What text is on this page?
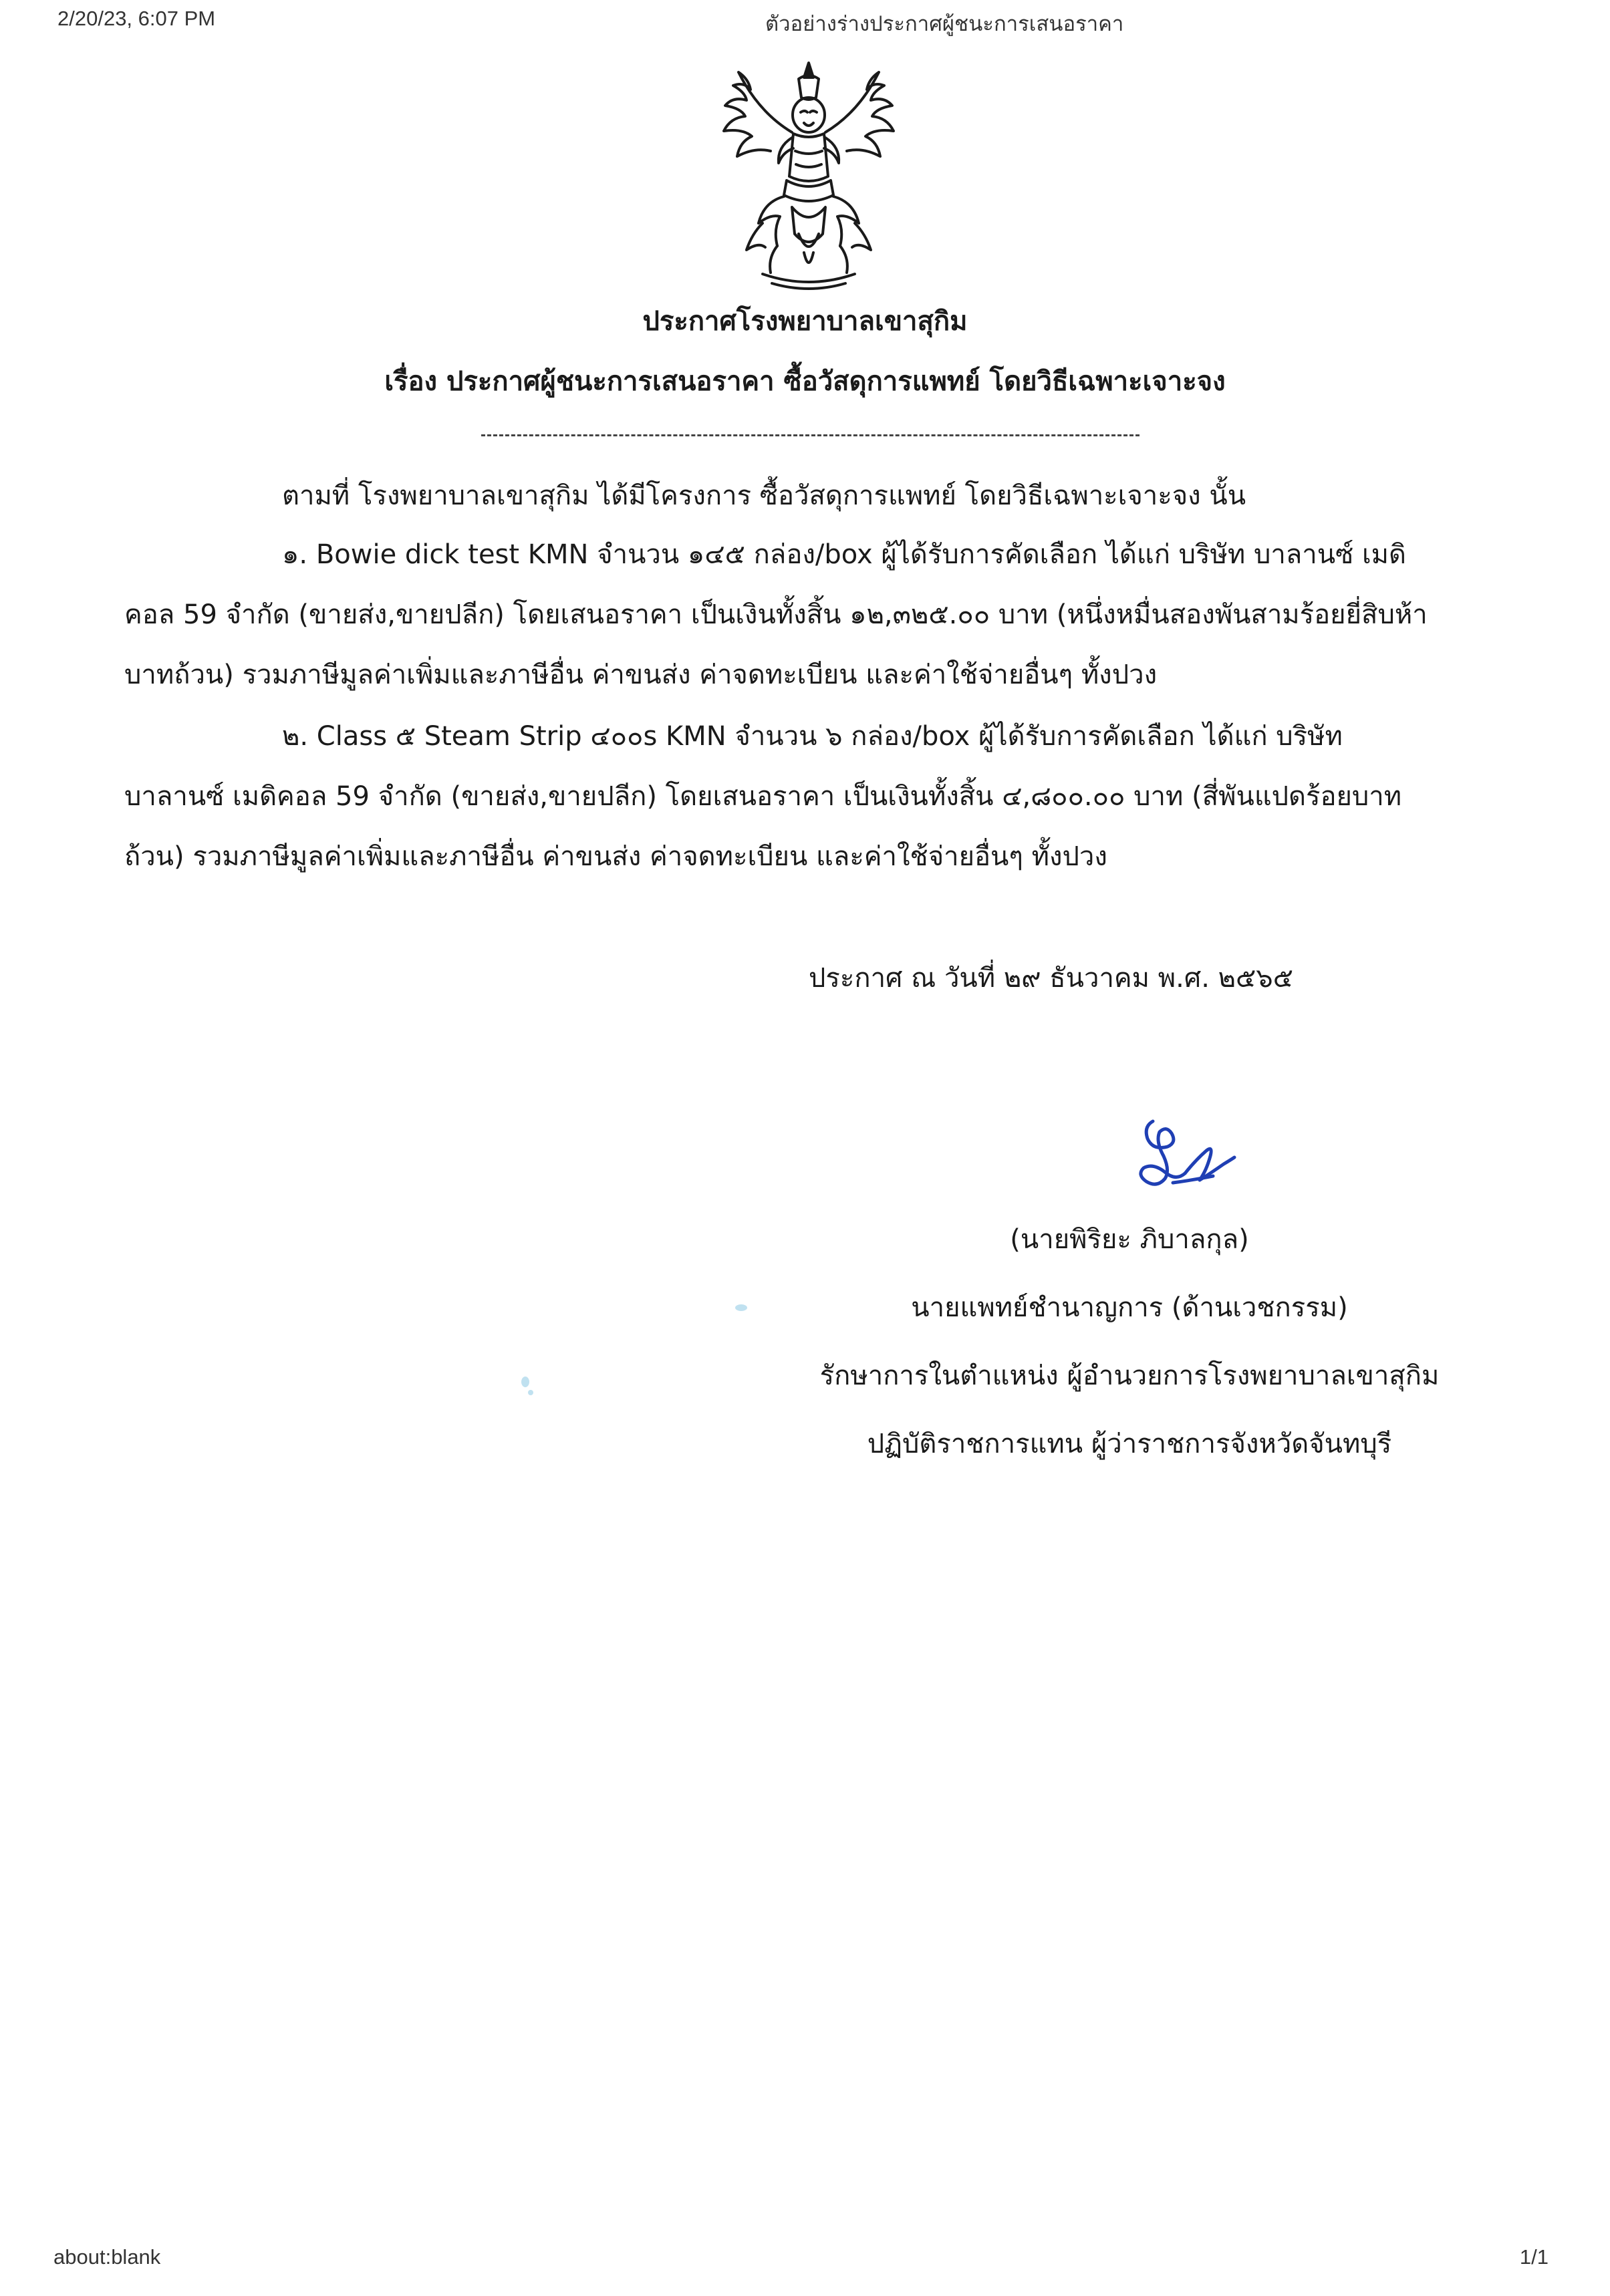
2/20/23, 6:07 PM	ตัวอย่างร่างประกาศผู้ชนะการเสนอราคา
ประกาศโรงพยาบาลเขาสุกิม
เรื่อง ประกาศผู้ชนะการเสนอราคา ซื้อวัสดุการแพทย์ โดยวิธีเฉพาะเจาะจง
ตามที่ โรงพยาบาลเขาสุกิม ได้มีโครงการ ซื้อวัสดุการแพทย์ โดยวิธีเฉพาะเจาะจง นั้น
๑. Bowie dick test KMN จำนวน ๑๔๕ กล่อง/box ผู้ได้รับการคัดเลือก ได้แก่ บริษัท บาลานซ์ เมดิ
คอล 59 จำกัด (ขายส่ง,ขายปลีก) โดยเสนอราคา เป็นเงินทั้งสิ้น ๑๒,๓๒๕.๐๐ บาท (หนึ่งหมื่นสองพันสามร้อยยี่สิบห้า
บาทถ้วน) รวมภาษีมูลค่าเพิ่มและภาษีอื่น ค่าขนส่ง ค่าจดทะเบียน และค่าใช้จ่ายอื่นๆ ทั้งปวง
๒. Class ๕ Steam Strip ๔๐๐s KMN จำนวน ๖ กล่อง/box ผู้ได้รับการคัดเลือก ได้แก่ บริษัท
บาลานซ์ เมดิคอล 59 จำกัด (ขายส่ง,ขายปลีก) โดยเสนอราคา เป็นเงินทั้งสิ้น ๔,๘๐๐.๐๐ บาท (สี่พันแปดร้อยบาท
ถ้วน) รวมภาษีมูลค่าเพิ่มและภาษีอื่น ค่าขนส่ง ค่าจดทะเบียน และค่าใช้จ่ายอื่นๆ ทั้งปวง
ประกาศ ณ วันที่ ๒๙ ธันวาคม พ.ศ. ๒๕๖๕
(นายพิริยะ ภิบาลกุล)
นายแพทย์ชำนาญการ (ด้านเวชกรรม)
รักษาการในตำแหน่ง ผู้อำนวยการโรงพยาบาลเขาสุกิม
ปฏิบัติราชการแทน ผู้ว่าราชการจังหวัดจันทบุรี
about:blank	1/1
